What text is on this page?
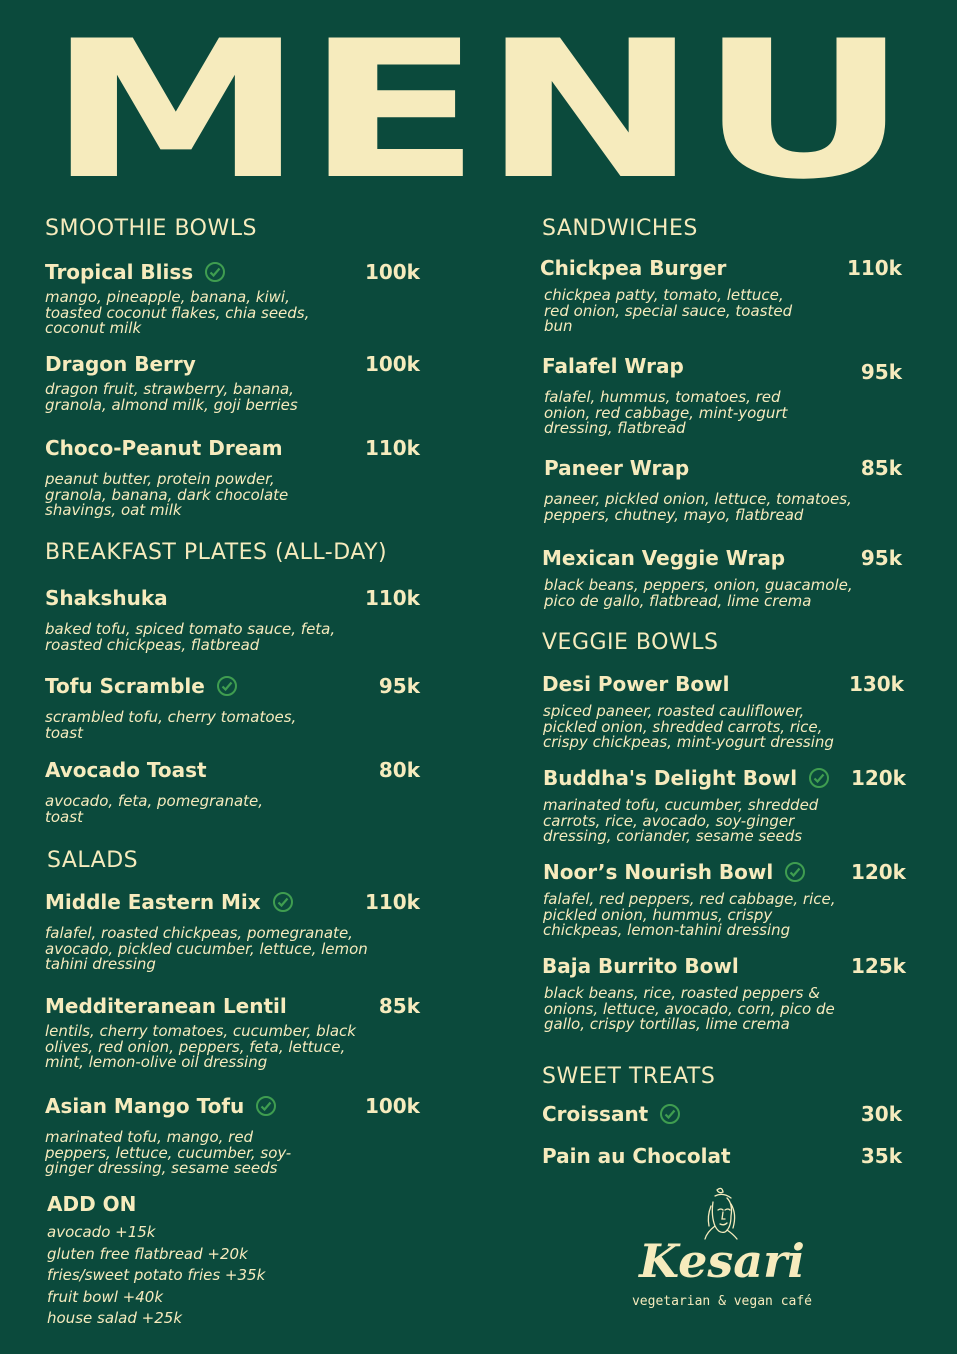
MENU
SMOOTHIE BOWLS
Tropical Bliss	100k
mango, pineapple, banana, kiwi, toasted coconut flakes, chia seeds, coconut milk
Dragon Berry	100k
dragon fruit, strawberry, banana, granola, almond milk, goji berries
Choco-Peanut Dream	110k
peanut butter, protein powder, granola, banana, dark chocolate shavings, oat milk
BREAKFAST PLATES (ALL-DAY)
Shakshuka	110k
baked tofu, spiced tomato sauce, feta, roasted chickpeas, flatbread
Tofu Scramble	95k
scrambled tofu, cherry tomatoes, toast
Avocado Toast	80k
avocado, feta, pomegranate, toast
SALADS
Middle Eastern Mix	110k
falafel, roasted chickpeas, pomegranate, avocado, pickled cucumber, lettuce, lemon tahini dressing
Medditeranean Lentil	85k
lentils, cherry tomatoes, cucumber, black olives, red onion, peppers, feta, lettuce, mint, lemon-olive oil dressing
Asian Mango Tofu	100k
marinated tofu, mango, red peppers, lettuce, cucumber, soy-ginger dressing, sesame seeds
ADD ON
avocado +15k
gluten free flatbread +20k
fries/sweet potato fries +35k
fruit bowl +40k
house salad +25k
SANDWICHES
Chickpea Burger	110k
chickpea patty, tomato, lettuce, red onion, special sauce, toasted bun
Falafel Wrap	95k
falafel, hummus, tomatoes, red onion, red cabbage, mint-yogurt dressing, flatbread
Paneer Wrap	85k
paneer, pickled onion, lettuce, tomatoes, peppers, chutney, mayo, flatbread
Mexican Veggie Wrap	95k
black beans, peppers, onion, guacamole, pico de gallo, flatbread, lime crema
VEGGIE BOWLS
Desi Power Bowl	130k
spiced paneer, roasted cauliflower, pickled onion, shredded carrots, rice, crispy chickpeas, mint-yogurt dressing
Buddha's Delight Bowl	120k
marinated tofu, cucumber, shredded carrots, rice, avocado, soy-ginger dressing, coriander, sesame seeds
Noor’s Nourish Bowl	120k
falafel, red peppers, red cabbage, rice, pickled onion, hummus, crispy chickpeas, lemon-tahini dressing
Baja Burrito Bowl	125k
black beans, rice, roasted peppers & onions, lettuce, avocado, corn, pico de gallo, crispy tortillas, lime crema
SWEET TREATS
Croissant	30k
Pain au Chocolat	35k
Kesari
vegetarian & vegan café
